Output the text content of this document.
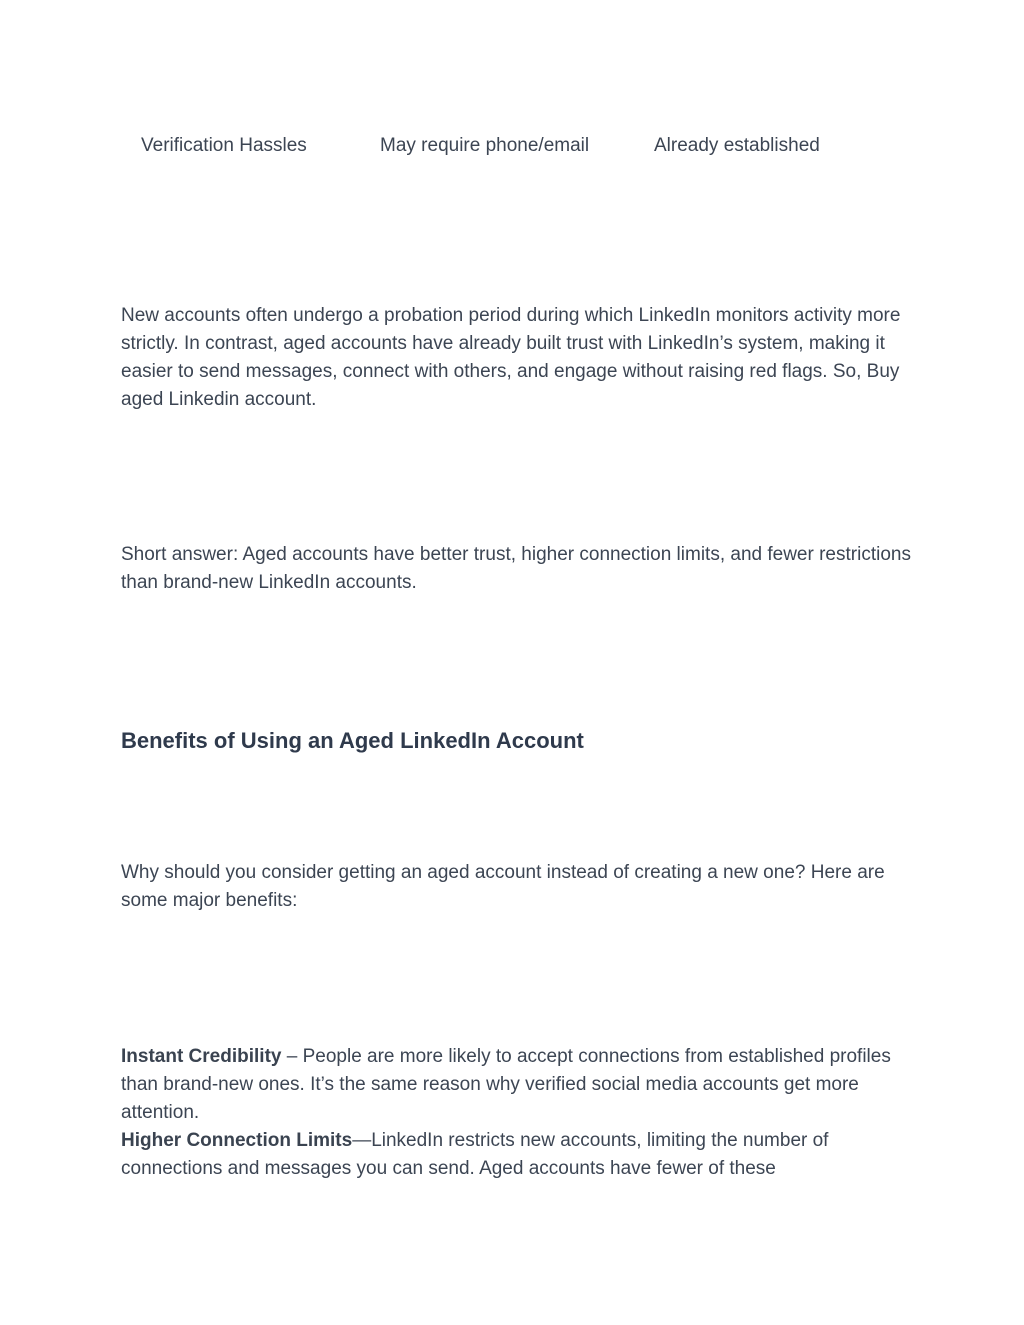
Verification Hassles	May require phone/email	Already established

New accounts often undergo a probation period during which LinkedIn monitors activity more strictly. In contrast, aged accounts have already built trust with LinkedIn’s system, making it easier to send messages, connect with others, and engage without raising red flags. So, Buy aged Linkedin account.

Short answer: Aged accounts have better trust, higher connection limits, and fewer restrictions than brand-new LinkedIn accounts.

Benefits of Using an Aged LinkedIn Account

Why should you consider getting an aged account instead of creating a new one? Here are some major benefits:

Instant Credibility – People are more likely to accept connections from established profiles than brand-new ones. It’s the same reason why verified social media accounts get more attention.
Higher Connection Limits—LinkedIn restricts new accounts, limiting the number of connections and messages you can send. Aged accounts have fewer of these
